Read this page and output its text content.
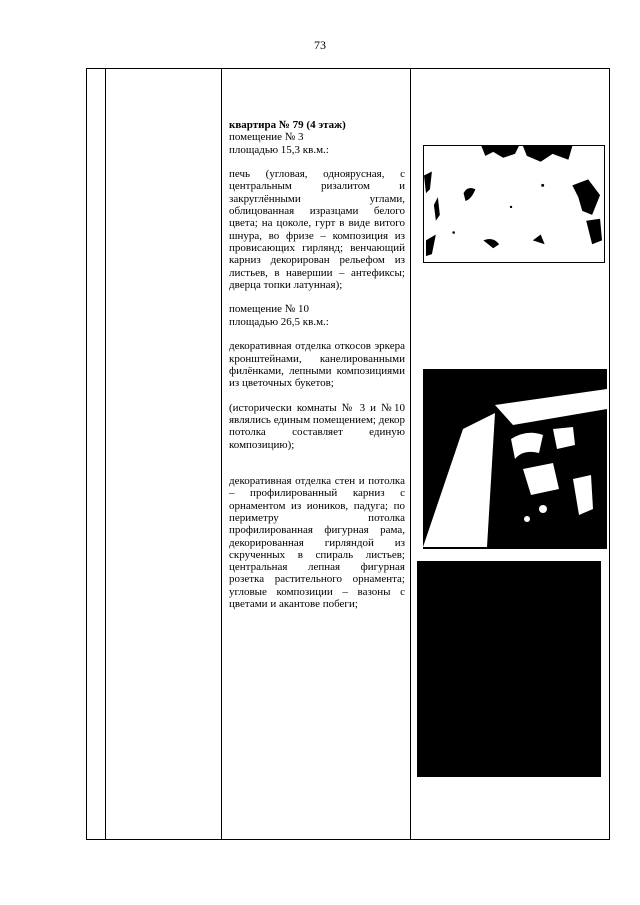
73

квартира № 79 (4 этаж)

помещение № 3

площадью 15,3 кв.м.:

печь (угловая, одноярусная, с центральным ризалитом и закруглёнными углами, облицованная изразцами белого цвета; на цоколе, гурт в виде витого шнура, во фризе – композиция из провисающих гирлянд; венчающий карниз декорирован рельефом из листьев, в навершии – антефиксы; дверца топки латунная);

помещение № 10

площадью 26,5 кв.м.:

декоративная отделка откосов эркера кронштейнами, канелированными филёнками, лепными композициями из цветочных букетов;

(исторически комнаты № 3 и №10 являлись единым помещением; декор потолка составляет единую композицию);

декоративная отделка стен и потолка – профилированный карниз с орнаментом из иоников, падуга; по периметру потолка профилированная фигурная рама, декорированная гирляндой из скрученных в спираль листьев; центральная лепная фигурная розетка растительного орнамента; угловые композиции – вазоны с цветами и акантове побеги;
